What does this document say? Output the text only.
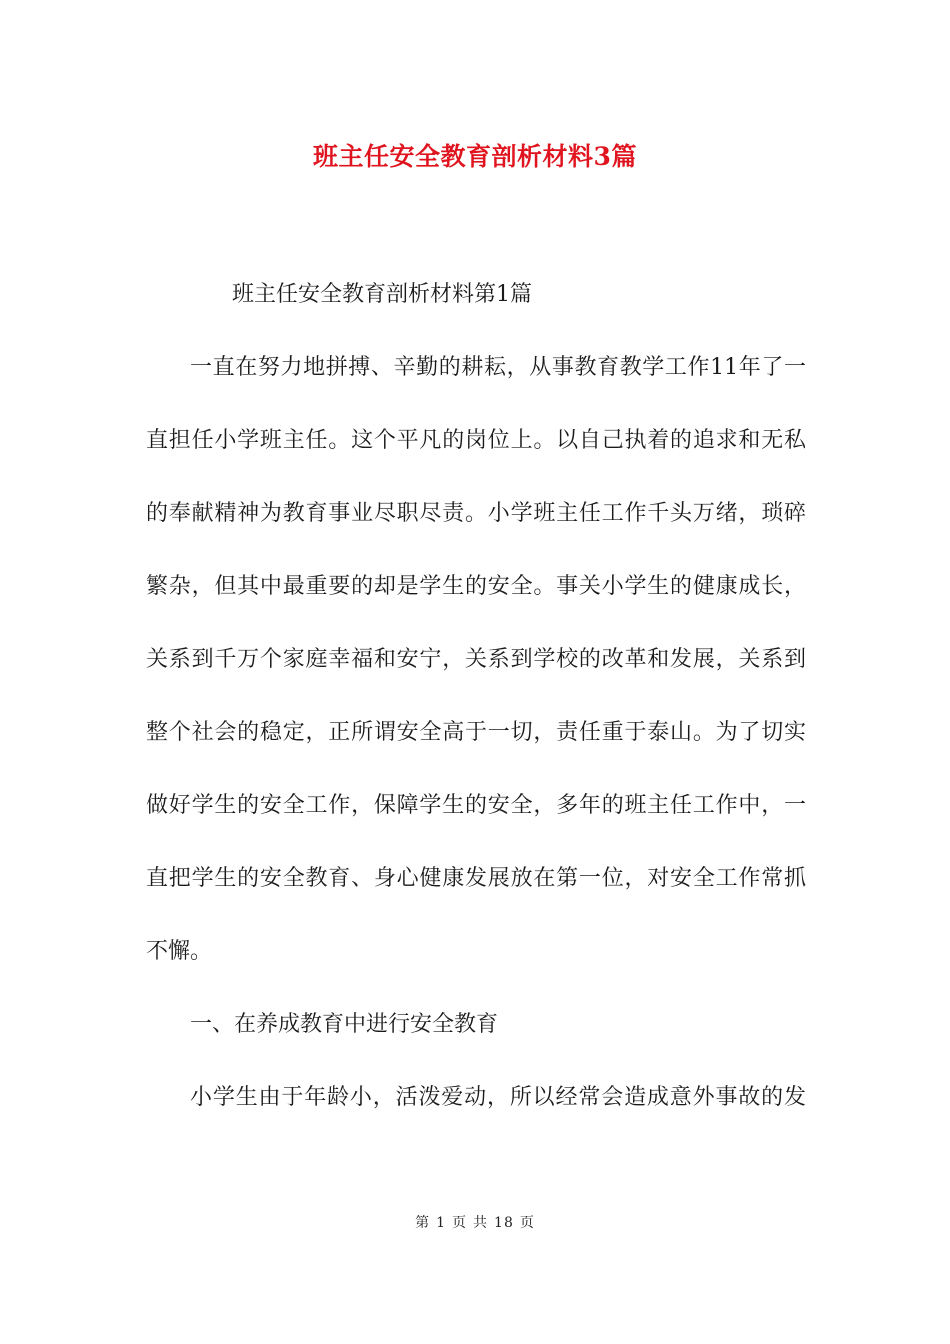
班主任安全教育剖析材料3篇
班主任安全教育剖析材料第1篇
一直在努力地拼搏、辛勤的耕耘，从事教育教学工作11年了一
直担任小学班主任。这个平凡的岗位上。以自己执着的追求和无私
的奉献精神为教育事业尽职尽责。小学班主任工作千头万绪，琐碎
繁杂，但其中最重要的却是学生的安全。事关小学生的健康成长，
关系到千万个家庭幸福和安宁，关系到学校的改革和发展，关系到
整个社会的稳定，正所谓安全高于一切，责任重于泰山。为了切实
做好学生的安全工作，保障学生的安全，多年的班主任工作中，一
直把学生的安全教育、身心健康发展放在第一位，对安全工作常抓
不懈。
一、在养成教育中进行安全教育
小学生由于年龄小，活泼爱动，所以经常会造成意外事故的发
第 1 页 共 18 页
